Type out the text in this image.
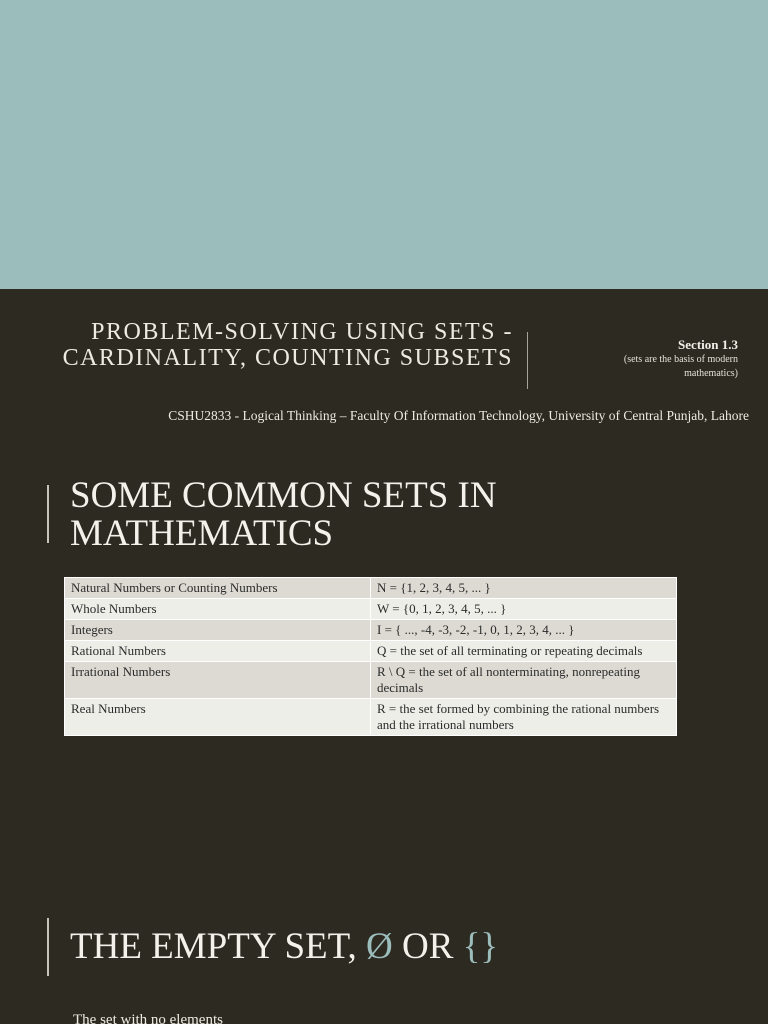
PROBLEM-SOLVING USING SETS - CARDINALITY, COUNTING SUBSETS
Section 1.3
(sets are the basis of modern mathematics)
CSHU2833 - Logical Thinking – Faculty Of Information Technology, University of Central Punjab, Lahore
SOME COMMON SETS IN
MATHEMATICS
Natural Numbers or Counting Numbers	N = {1, 2, 3, 4, 5, ... }
Whole Numbers	W = {0, 1, 2, 3, 4, 5, ... }
Integers	I = { ..., -4, -3, -2, -1, 0, 1, 2, 3, 4, ... }
Rational Numbers	Q = the set of all terminating or repeating decimals
Irrational Numbers	R \ Q = the set of all nonterminating, nonrepeating decimals
Real Numbers	R = the set formed by combining the rational numbers and the irrational numbers
THE EMPTY SET, Ø OR {}
The set with no elements
